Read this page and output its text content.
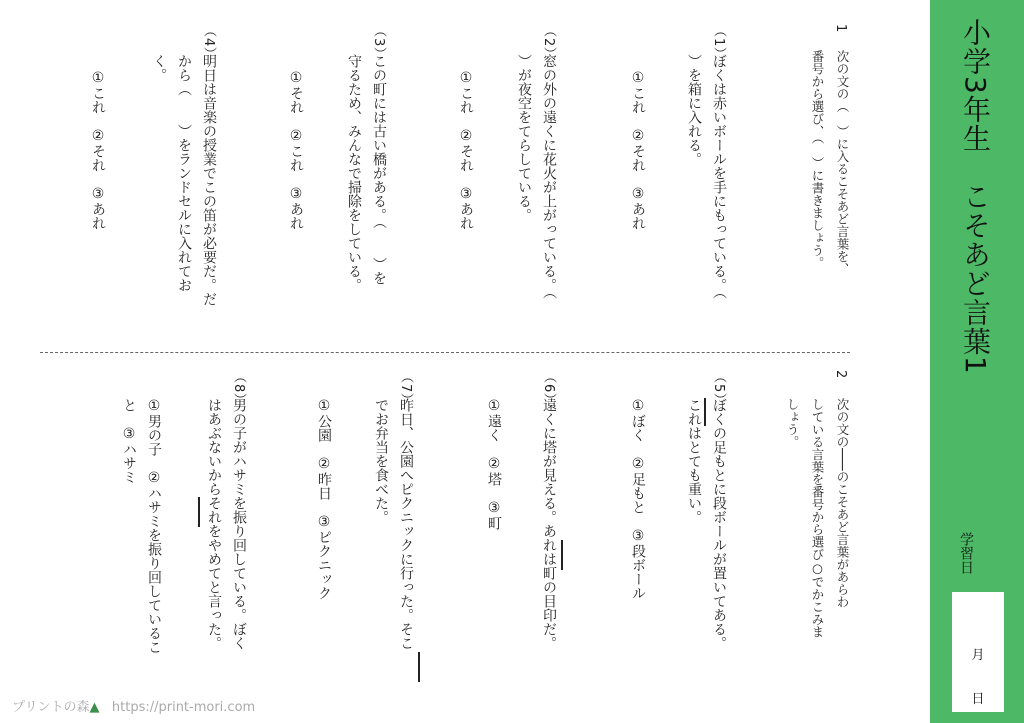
小学3年生　こそあど言葉1
学習日
月
日
1
次の文の（　）に入るこそあど言葉を、
番号から選び、（　）に書きましょう。
（1）
ぼくは赤いボールを手にもっている。（
）を箱に入れる。
①これ　②それ　③あれ
（2）
窓の外の遠くに花火が上がっている。（
）が夜空をてらしている。
①これ　②それ　③あれ
（3）
この町には古い橋がある。（　　）を
守るため、みんなで掃除をしている。
①それ　②これ　③あれ
（4）
明日は音楽の授業でこの笛が必要だ。だ
から（　　）をランドセルに入れてお
く。
①これ　②それ　③あれ
2
次の文の───のこそあど言葉があらわ
している言葉を番号から選び○でかこみま
しょう。
（5）
ぼくの足もとに段ボールが置いてある。
これはとても重い。
①ぼく　②足もと　③段ボール
（6）
遠くに塔が見える。あれは町の目印だ。
①遠く　②塔　③町
（7）
昨日、公園へピクニックに行った。そこ
でお弁当を食べた。
①公園　②昨日　③ピクニック
（8）
男の子がハサミを振り回している。ぼく
はあぶないからそれをやめてと言った。
①男の子　②ハサミを振り回しているこ
と　③ハサミ
プリントの森▲ https://print-mori.com
